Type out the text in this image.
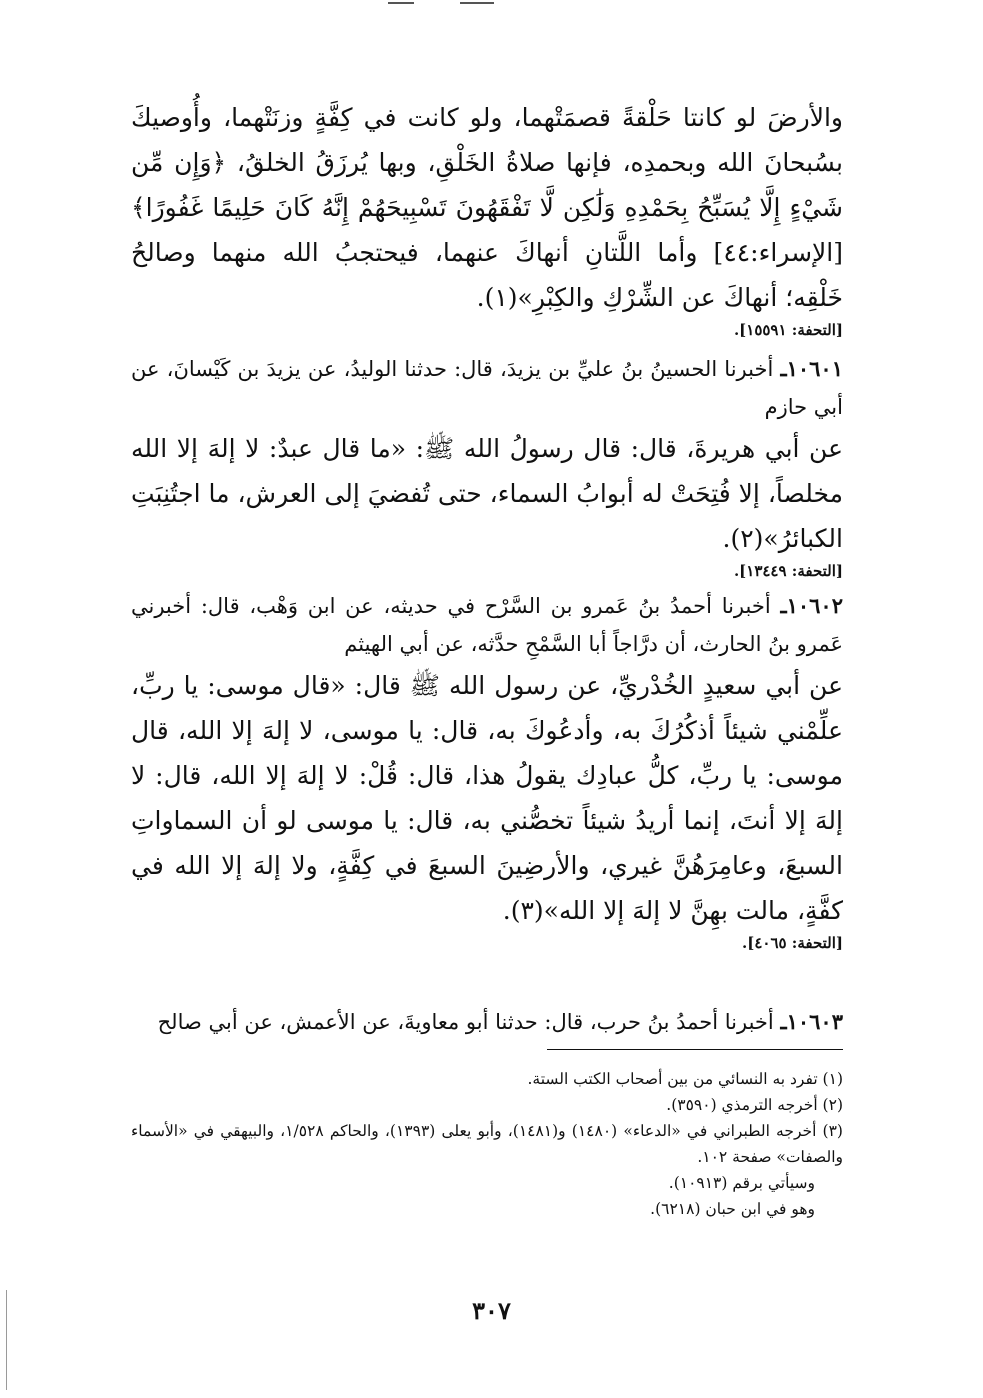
والأرضَ لو كانتا حَلْقةً قصمَتْهما، ولو كانت في كِفَّةٍ وزنَتْهما، وأُوصيكَ بسُبحانَ الله وبحمدِه، فإنها صلاةُ الخَلْقِ، وبها يُرزَقُ الخلقُ، ﴿وَإِن مِّن شَيْءٍ إِلَّا يُسَبِّحُ بِحَمْدِهِ وَلَٰكِن لَّا تَفْقَهُونَ تَسْبِيحَهُمْ إِنَّهُ كَانَ حَلِيمًا غَفُورًا﴾ [الإسراء:٤٤] وأما اللَّتانِ أنهاكَ عنهما، فيحتجبُ الله منهما وصالحُ خَلْقِه؛ أنهاكَ عن الشِّرْكِ والكِبْرِ»(١).
[التحفة: ١٥٥٩١].
١٠٦٠١ـ أخبرنا الحسينُ بنُ عليِّ بن يزيدَ، قال: حدثنا الوليدُ، عن يزيدَ بن كَيْسانَ، عن أبي حازم
عن أبي هريرةَ، قال: قال رسولُ الله ﷺ: «ما قال عبدٌ: لا إلهَ إلا الله مخلصاً، إلا فُتِحَتْ له أبوابُ السماء، حتى تُفضيَ إلى العرش، ما اجتُنِبَتِ الكبائرُ»(٢).
[التحفة: ١٣٤٤٩].
١٠٦٠٢ـ أخبرنا أحمدُ بنُ عَمرو بن السَّرْح في حديثه، عن ابن وَهْب، قال: أخبرني عَمرو بنُ الحارث، أن درَّاجاً أبا السَّمْحِ حدَّثه، عن أبي الهيثم
عن أبي سعيدٍ الخُدْريِّ، عن رسول الله ﷺ قال: «قال موسى: يا ربِّ، علِّمْني شيئاً أذكُرُكَ به، وأدعُوكَ به، قال: يا موسى، لا إلهَ إلا الله، قال موسى: يا ربِّ، كلُّ عبادِك يقولُ هذا، قال: قُلْ: لا إلهَ إلا الله، قال: لا إلهَ إلا أنتَ، إنما أريدُ شيئاً تخصُّني به، قال: يا موسى لو أن السماواتِ السبعَ، وعامِرَهُنَّ غيري، والأرضِينَ السبعَ في كِفَّةٍ، ولا إلهَ إلا الله في كفَّةٍ، مالت بهِنَّ لا إلهَ إلا الله»(٣).
[التحفة: ٤٠٦٥].
١٠٦٠٣ـ أخبرنا أحمدُ بنُ حرب، قال: حدثنا أبو معاويةَ، عن الأعمش، عن أبي صالح
(١) تفرد به النسائي من بين أصحاب الكتب الستة.
(٢) أخرجه الترمذي (٣٥٩٠).
(٣) أخرجه الطبراني في «الدعاء» (١٤٨٠) و(١٤٨١)، وأبو يعلى (١٣٩٣)، والحاكم ١/٥٢٨، والبيهقي في «الأسماء والصفات» صفحة ١٠٢.
وسيأتي برقم (١٠٩١٣).
وهو في ابن حبان (٦٢١٨).
٣٠٧
